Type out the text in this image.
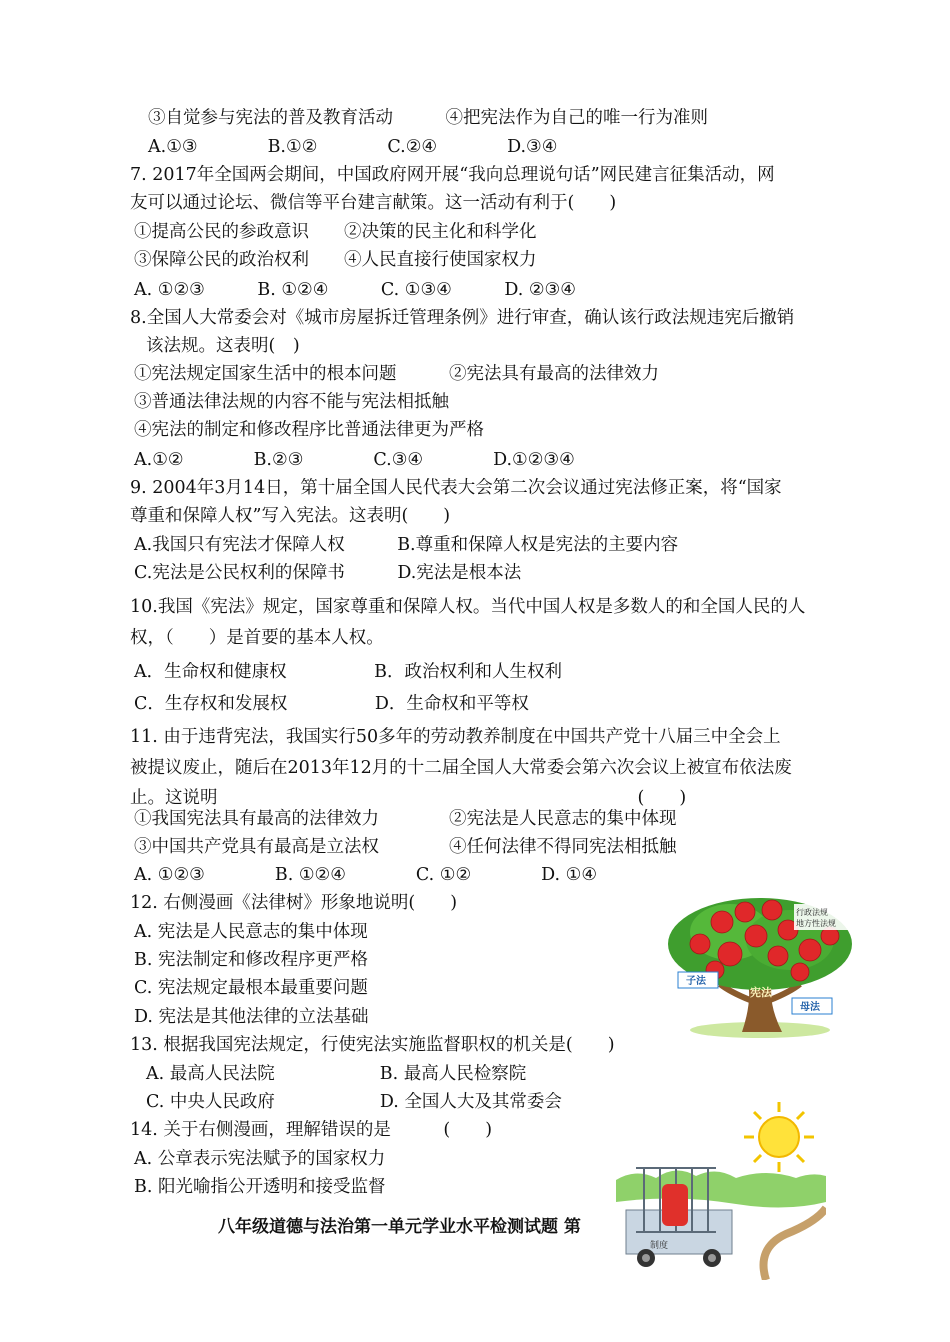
③自觉参与宪法的普及教育活动　　　④把宪法作为自己的唯一行为准则
A.①③　　　　B.①②　　　　C.②④　　　　D.③④
7. 2017年全国两会期间，中国政府网开展“我向总理说句话”网民建言征集活动，网
友可以通过论坛、微信等平台建言献策。这一活动有利于(　　)
①提高公民的参政意识　　②决策的民主化和科学化
③保障公民的政治权利　　④人民直接行使国家权力
A. ①②③　　　B. ①②④　　　C. ①③④　　　D. ②③④
8.全国人大常委会对《城市房屋拆迁管理条例》进行审查，确认该行政法规违宪后撤销
该法规。这表明(　)
①宪法规定国家生活中的根本问题　　　②宪法具有最高的法律效力
③普通法律法规的内容不能与宪法相抵触
④宪法的制定和修改程序比普通法律更为严格
A.①②　　　　B.②③　　　　C.③④　　　　D.①②③④
9. 2004年3月14日，第十届全国人民代表大会第二次会议通过宪法修正案，将“国家
尊重和保障人权”写入宪法。这表明(　　)
A.我国只有宪法才保障人权　　　B.尊重和保障人权是宪法的主要内容
C.宪法是公民权利的保障书　　　D.宪法是根本法
10.我国《宪法》规定，国家尊重和保障人权。当代中国人权是多数人的和全国人民的人
权，（　　）是首要的基本人权。
A．生命权和健康权　　　　　B．政治权利和人生权利
C．生存权和发展权　　　　　D．生命权和平等权
11. 由于违背宪法，我国实行50多年的劳动教养制度在中国共产党十八届三中全会上
被提议废止，随后在2013年12月的十二届全国人大常委会第六次会议上被宣布依法废
止。这说明　　　　　　　　　　　　　　　　　　　　　　　　(　　)
①我国宪法具有最高的法律效力　　　　②宪法是人民意志的集中体现
③中国共产党具有最高是立法权　　　　④任何法律不得同宪法相抵触
A. ①②③　　　　B. ①②④　　　　C. ①②　　　　D. ①④
12. 右侧漫画《法律树》形象地说明(　　)
A. 宪法是人民意志的集中体现
B. 宪法制定和修改程序更严格
C. 宪法规定最根本最重要问题
D. 宪法是其他法律的立法基础
13. 根据我国宪法规定，行使宪法实施监督职权的机关是(　　)
A. 最高人民法院　　　　　　B. 最高人民检察院
C. 中央人民政府　　　　　　D. 全国人大及其常委会
14. 关于右侧漫画，理解错误的是　　　(　　)
A. 公章表示宪法赋予的国家权力
B. 阳光喻指公开透明和接受监督
八年级道德与法治第一单元学业水平检测试题 第
行政法规
地方性法规
宪法
子法
母法
制度
